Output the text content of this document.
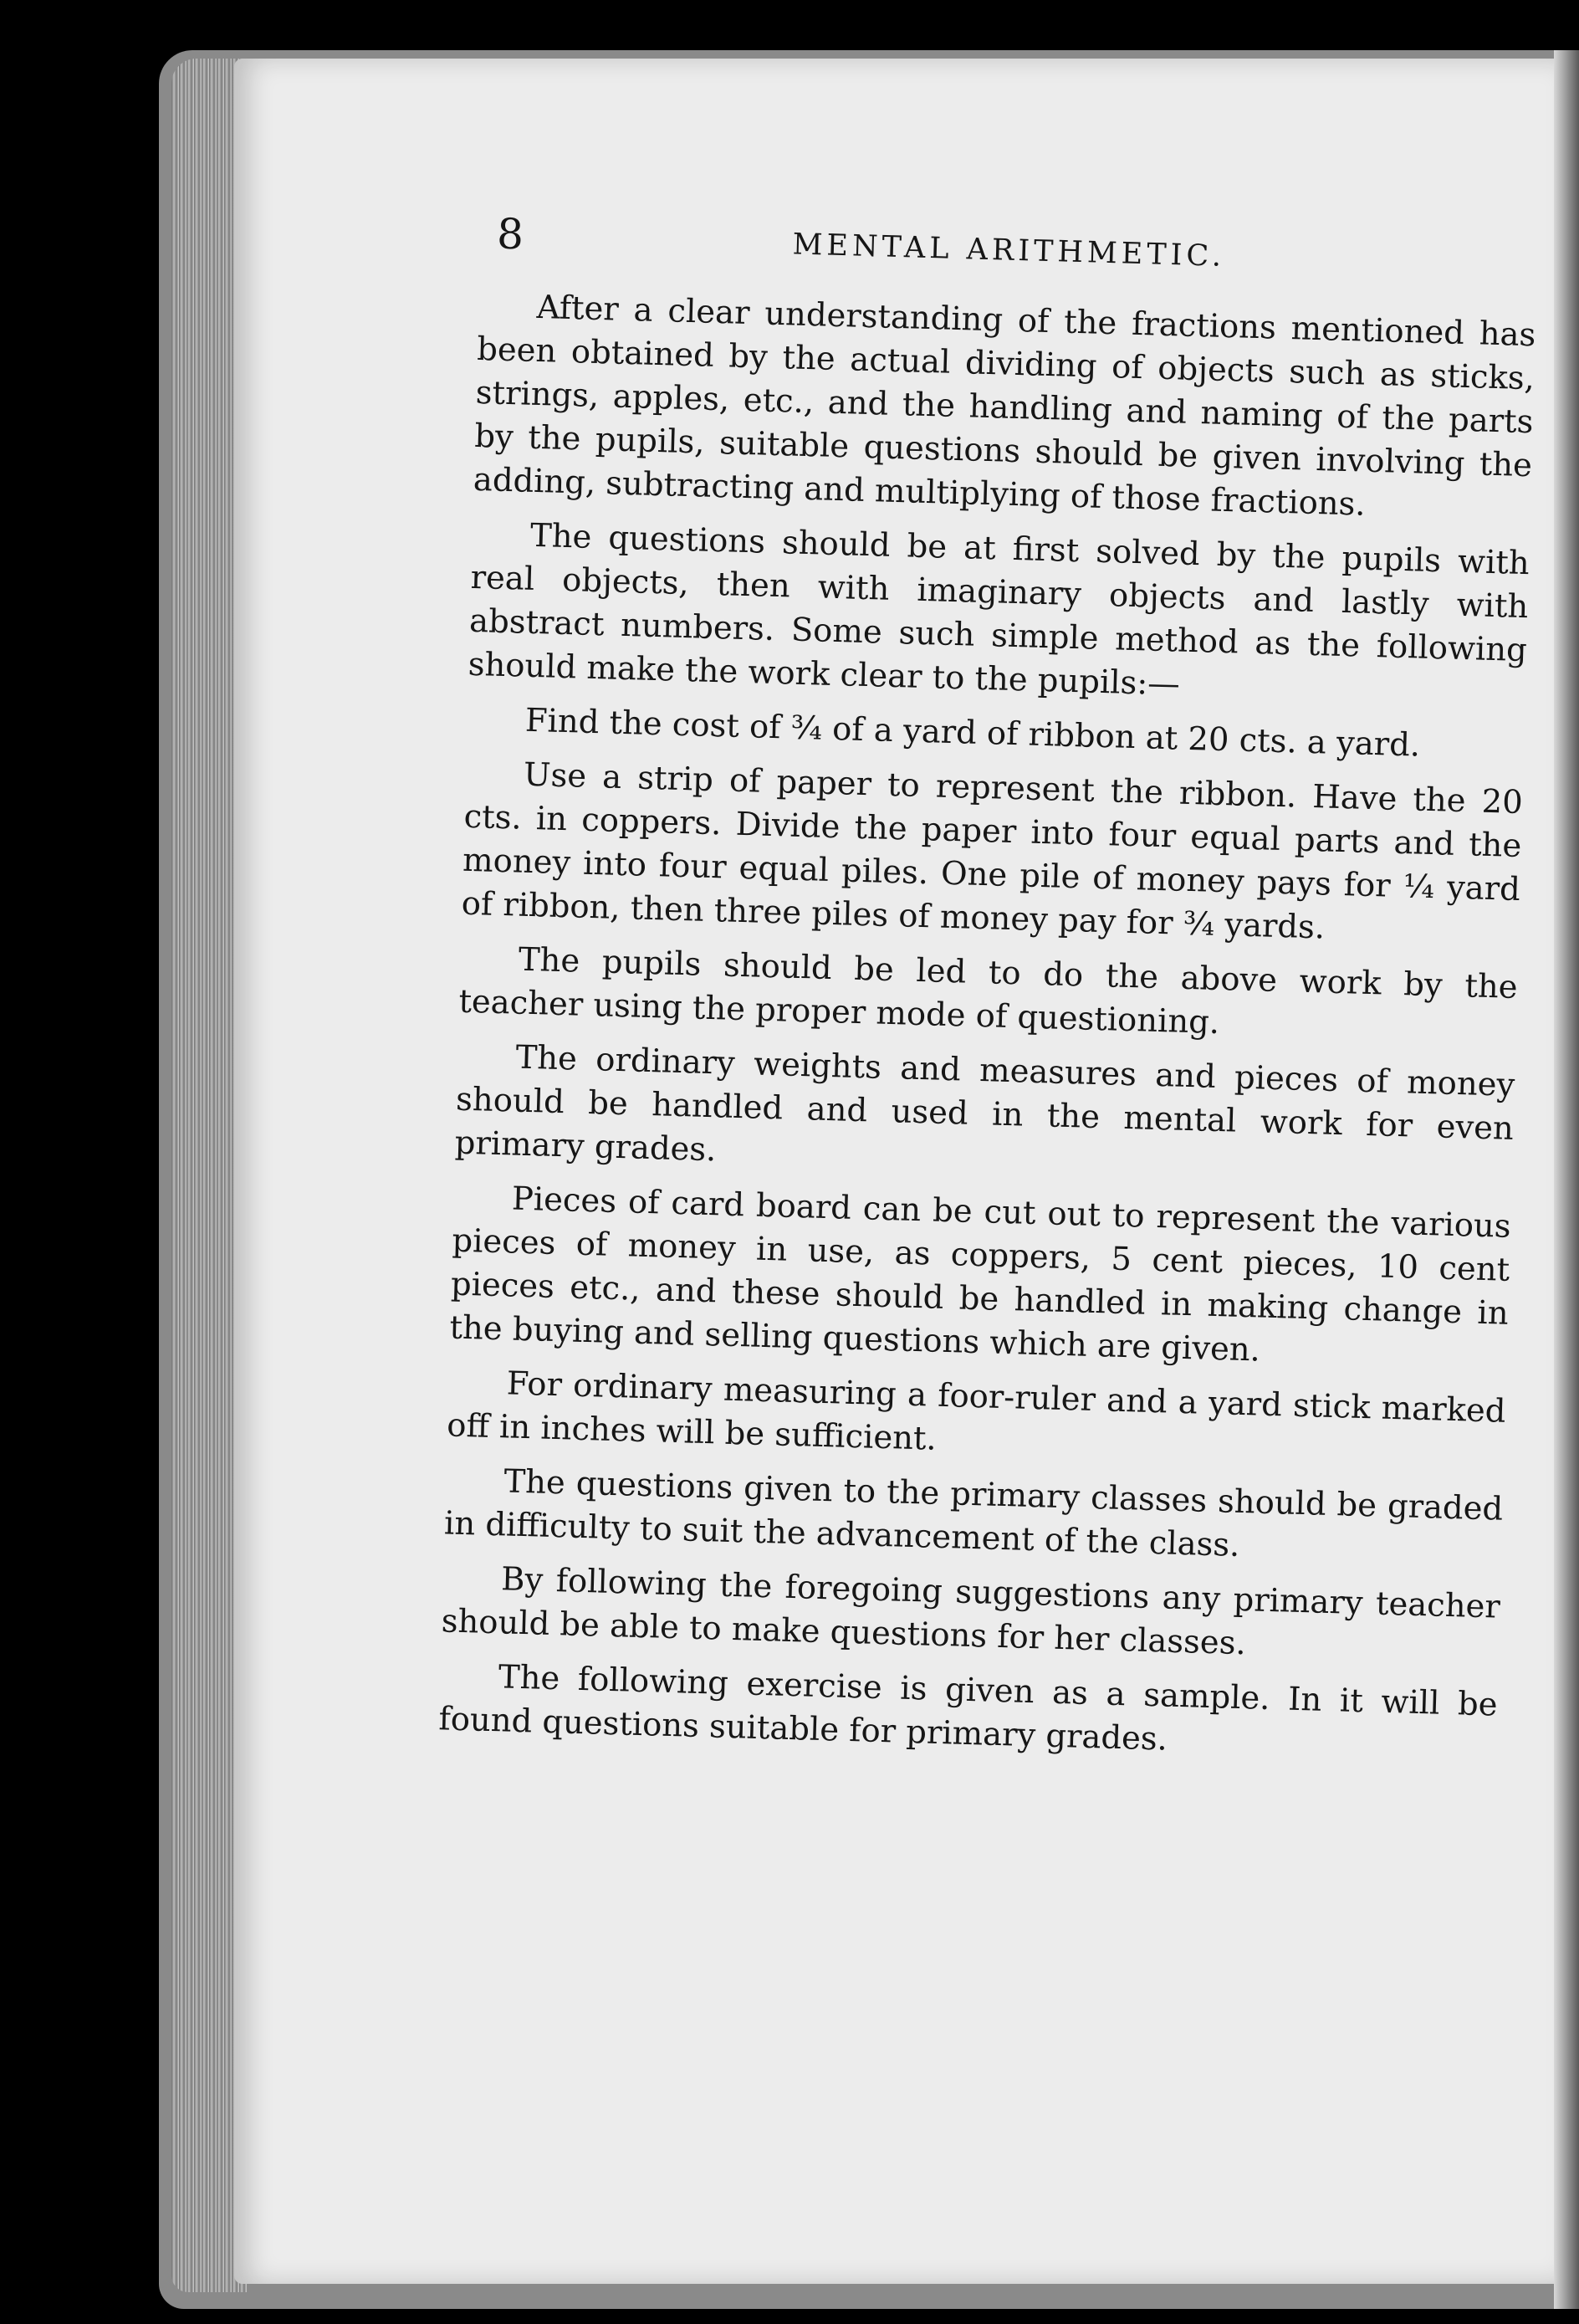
8	MENTAL ARITHMETIC.

After a clear understanding of the fractions mentioned has been obtained by the actual dividing of objects such as sticks, strings, apples, etc., and the handling and naming of the parts by the pupils, suitable questions should be given involving the adding, subtracting and multiplying of those fractions.

The questions should be at first solved by the pupils with real objects, then with imaginary objects and lastly with abstract numbers. Some such simple method as the following should make the work clear to the pupils:—

Find the cost of ¾ of a yard of ribbon at 20 cts. a yard.

Use a strip of paper to represent the ribbon. Have the 20 cts. in coppers. Divide the paper into four equal parts and the money into four equal piles. One pile of money pays for ¼ yard of ribbon, then three piles of money pay for ¾ yards.

The pupils should be led to do the above work by the teacher using the proper mode of questioning.

The ordinary weights and measures and pieces of money should be handled and used in the mental work for even primary grades.

Pieces of card board can be cut out to represent the various pieces of money in use, as coppers, 5 cent pieces, 10 cent pieces etc., and these should be handled in making change in the buying and selling questions which are given.

For ordinary measuring a foor-ruler and a yard stick marked off in inches will be sufficient.

The questions given to the primary classes should be graded in difficulty to suit the advancement of the class.

By following the foregoing suggestions any primary teacher should be able to make questions for her classes.

The following exercise is given as a sample. In it will be found questions suitable for primary grades.
